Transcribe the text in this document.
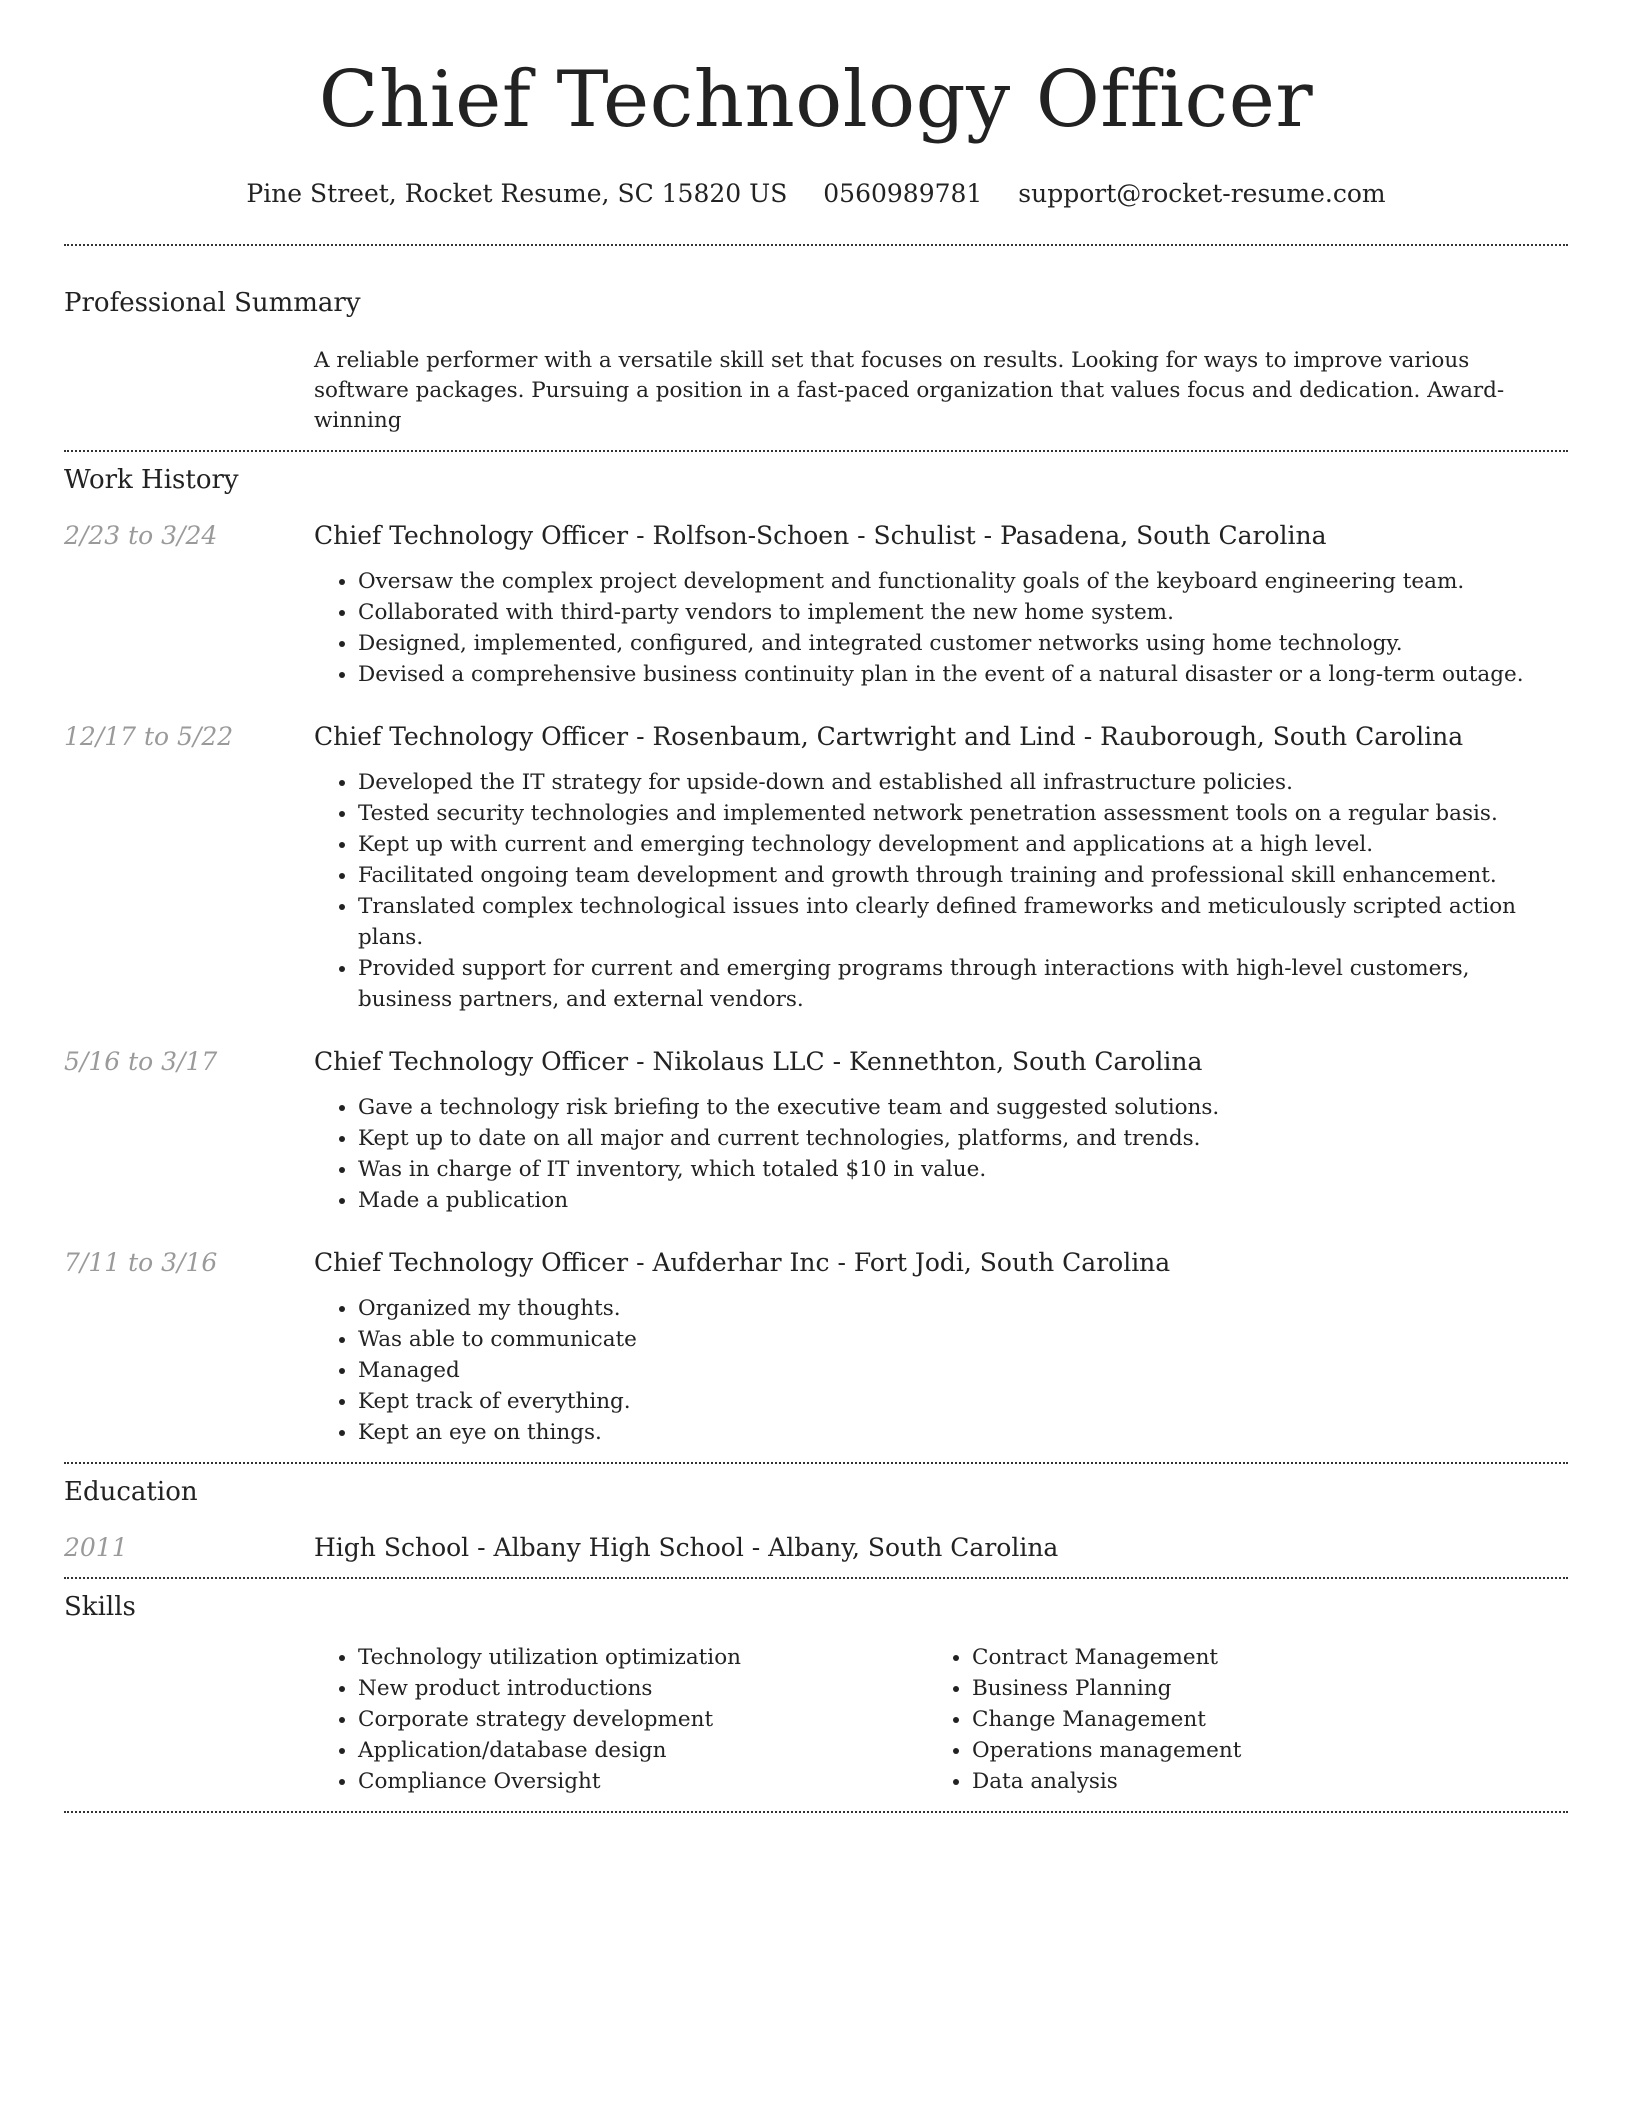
Chief Technology Officer
Pine Street, Rocket Resume, SC 15820 US 0560989781 support@rocket-resume.com
Professional Summary
A reliable performer with a versatile skill set that focuses on results. Looking for ways to improve various software packages. Pursuing a position in a fast-paced organization that values focus and dedication. Award-winning
Work History
2/23 to 3/24	Chief Technology Officer - Rolfson-Schoen - Schulist - Pasadena, South Carolina
• Oversaw the complex project development and functionality goals of the keyboard engineering team.
• Collaborated with third-party vendors to implement the new home system.
• Designed, implemented, configured, and integrated customer networks using home technology.
• Devised a comprehensive business continuity plan in the event of a natural disaster or a long-term outage.
12/17 to 5/22	Chief Technology Officer - Rosenbaum, Cartwright and Lind - Rauborough, South Carolina
• Developed the IT strategy for upside-down and established all infrastructure policies.
• Tested security technologies and implemented network penetration assessment tools on a regular basis.
• Kept up with current and emerging technology development and applications at a high level.
• Facilitated ongoing team development and growth through training and professional skill enhancement.
• Translated complex technological issues into clearly defined frameworks and meticulously scripted action plans.
• Provided support for current and emerging programs through interactions with high-level customers, business partners, and external vendors.
5/16 to 3/17	Chief Technology Officer - Nikolaus LLC - Kennethton, South Carolina
• Gave a technology risk briefing to the executive team and suggested solutions.
• Kept up to date on all major and current technologies, platforms, and trends.
• Was in charge of IT inventory, which totaled $10 in value.
• Made a publication
7/11 to 3/16	Chief Technology Officer - Aufderhar Inc - Fort Jodi, South Carolina
• Organized my thoughts.
• Was able to communicate
• Managed
• Kept track of everything.
• Kept an eye on things.
Education
2011	High School - Albany High School - Albany, South Carolina
Skills
• Technology utilization optimization
• New product introductions
• Corporate strategy development
• Application/database design
• Compliance Oversight
• Contract Management
• Business Planning
• Change Management
• Operations management
• Data analysis
